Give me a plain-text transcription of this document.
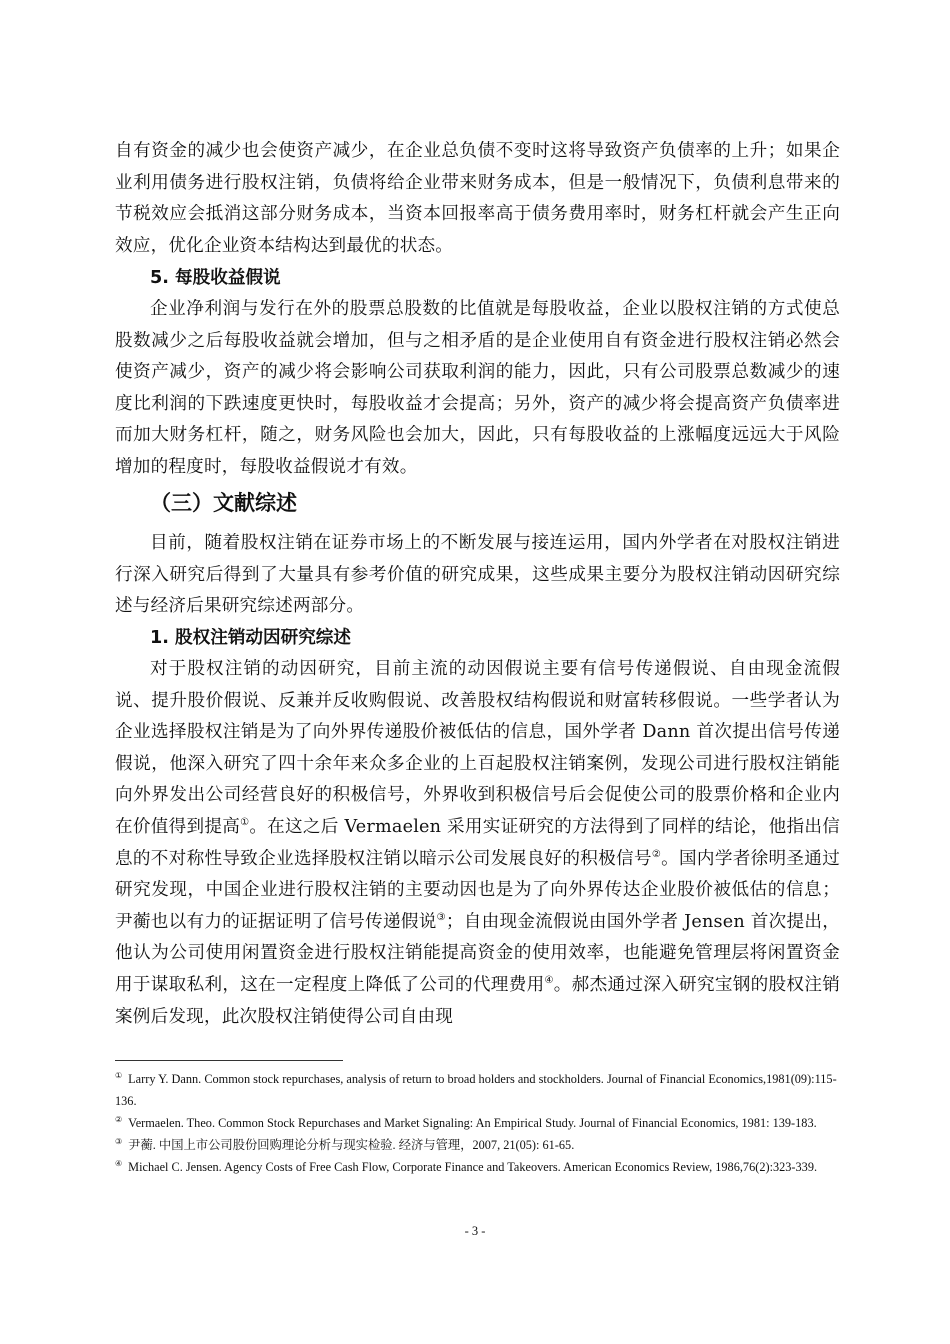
自有资金的减少也会使资产减少，在企业总负债不变时这将导致资产负债率的上升；如果企业利用债务进行股权注销，负债将给企业带来财务成本，但是一般情况下，负债利息带来的节税效应会抵消这部分财务成本，当资本回报率高于债务费用率时，财务杠杆就会产生正向效应，优化企业资本结构达到最优的状态。

5. 每股收益假说

企业净利润与发行在外的股票总股数的比值就是每股收益，企业以股权注销的方式使总股数减少之后每股收益就会增加，但与之相矛盾的是企业使用自有资金进行股权注销必然会使资产减少，资产的减少将会影响公司获取利润的能力，因此，只有公司股票总数减少的速度比利润的下跌速度更快时，每股收益才会提高；另外，资产的减少将会提高资产负债率进而加大财务杠杆，随之，财务风险也会加大，因此，只有每股收益的上涨幅度远远大于风险增加的程度时，每股收益假说才有效。

（三）文献综述

目前，随着股权注销在证券市场上的不断发展与接连运用，国内外学者在对股权注销进行深入研究后得到了大量具有参考价值的研究成果，这些成果主要分为股权注销动因研究综述与经济后果研究综述两部分。

1. 股权注销动因研究综述

对于股权注销的动因研究，目前主流的动因假说主要有信号传递假说、自由现金流假说、提升股价假说、反兼并反收购假说、改善股权结构假说和财富转移假说。一些学者认为企业选择股权注销是为了向外界传递股价被低估的信息，国外学者 Dann 首次提出信号传递假说，他深入研究了四十余年来众多企业的上百起股权注销案例，发现公司进行股权注销能向外界发出公司经营良好的积极信号，外界收到积极信号后会促使公司的股票价格和企业内在价值得到提高①。在这之后 Vermaelen 采用实证研究的方法得到了同样的结论，他指出信息的不对称性导致企业选择股权注销以暗示公司发展良好的积极信号②。国内学者徐明圣通过研究发现，中国企业进行股权注销的主要动因也是为了向外界传达企业股价被低估的信息；尹蘅也以有力的证据证明了信号传递假说③；自由现金流假说由国外学者 Jensen 首次提出，他认为公司使用闲置资金进行股权注销能提高资金的使用效率，也能避免管理层将闲置资金用于谋取私利，这在一定程度上降低了公司的代理费用④。郝杰通过深入研究宝钢的股权注销案例后发现，此次股权注销使得公司自由现

① Larry Y. Dann. Common stock repurchases, analysis of return to broad holders and stockholders. Journal of Financial Economics,1981(09):115-136.

② Vermaelen. Theo. Common Stock Repurchases and Market Signaling: An Empirical Study. Journal of Financial Economics, 1981: 139-183.

③ 尹蘅. 中国上市公司股份回购理论分析与现实检验. 经济与管理，2007, 21(05): 61-65.

④ Michael C. Jensen. Agency Costs of Free Cash Flow, Corporate Finance and Takeovers. American Economics Review, 1986,76(2):323-339.

- 3 -
